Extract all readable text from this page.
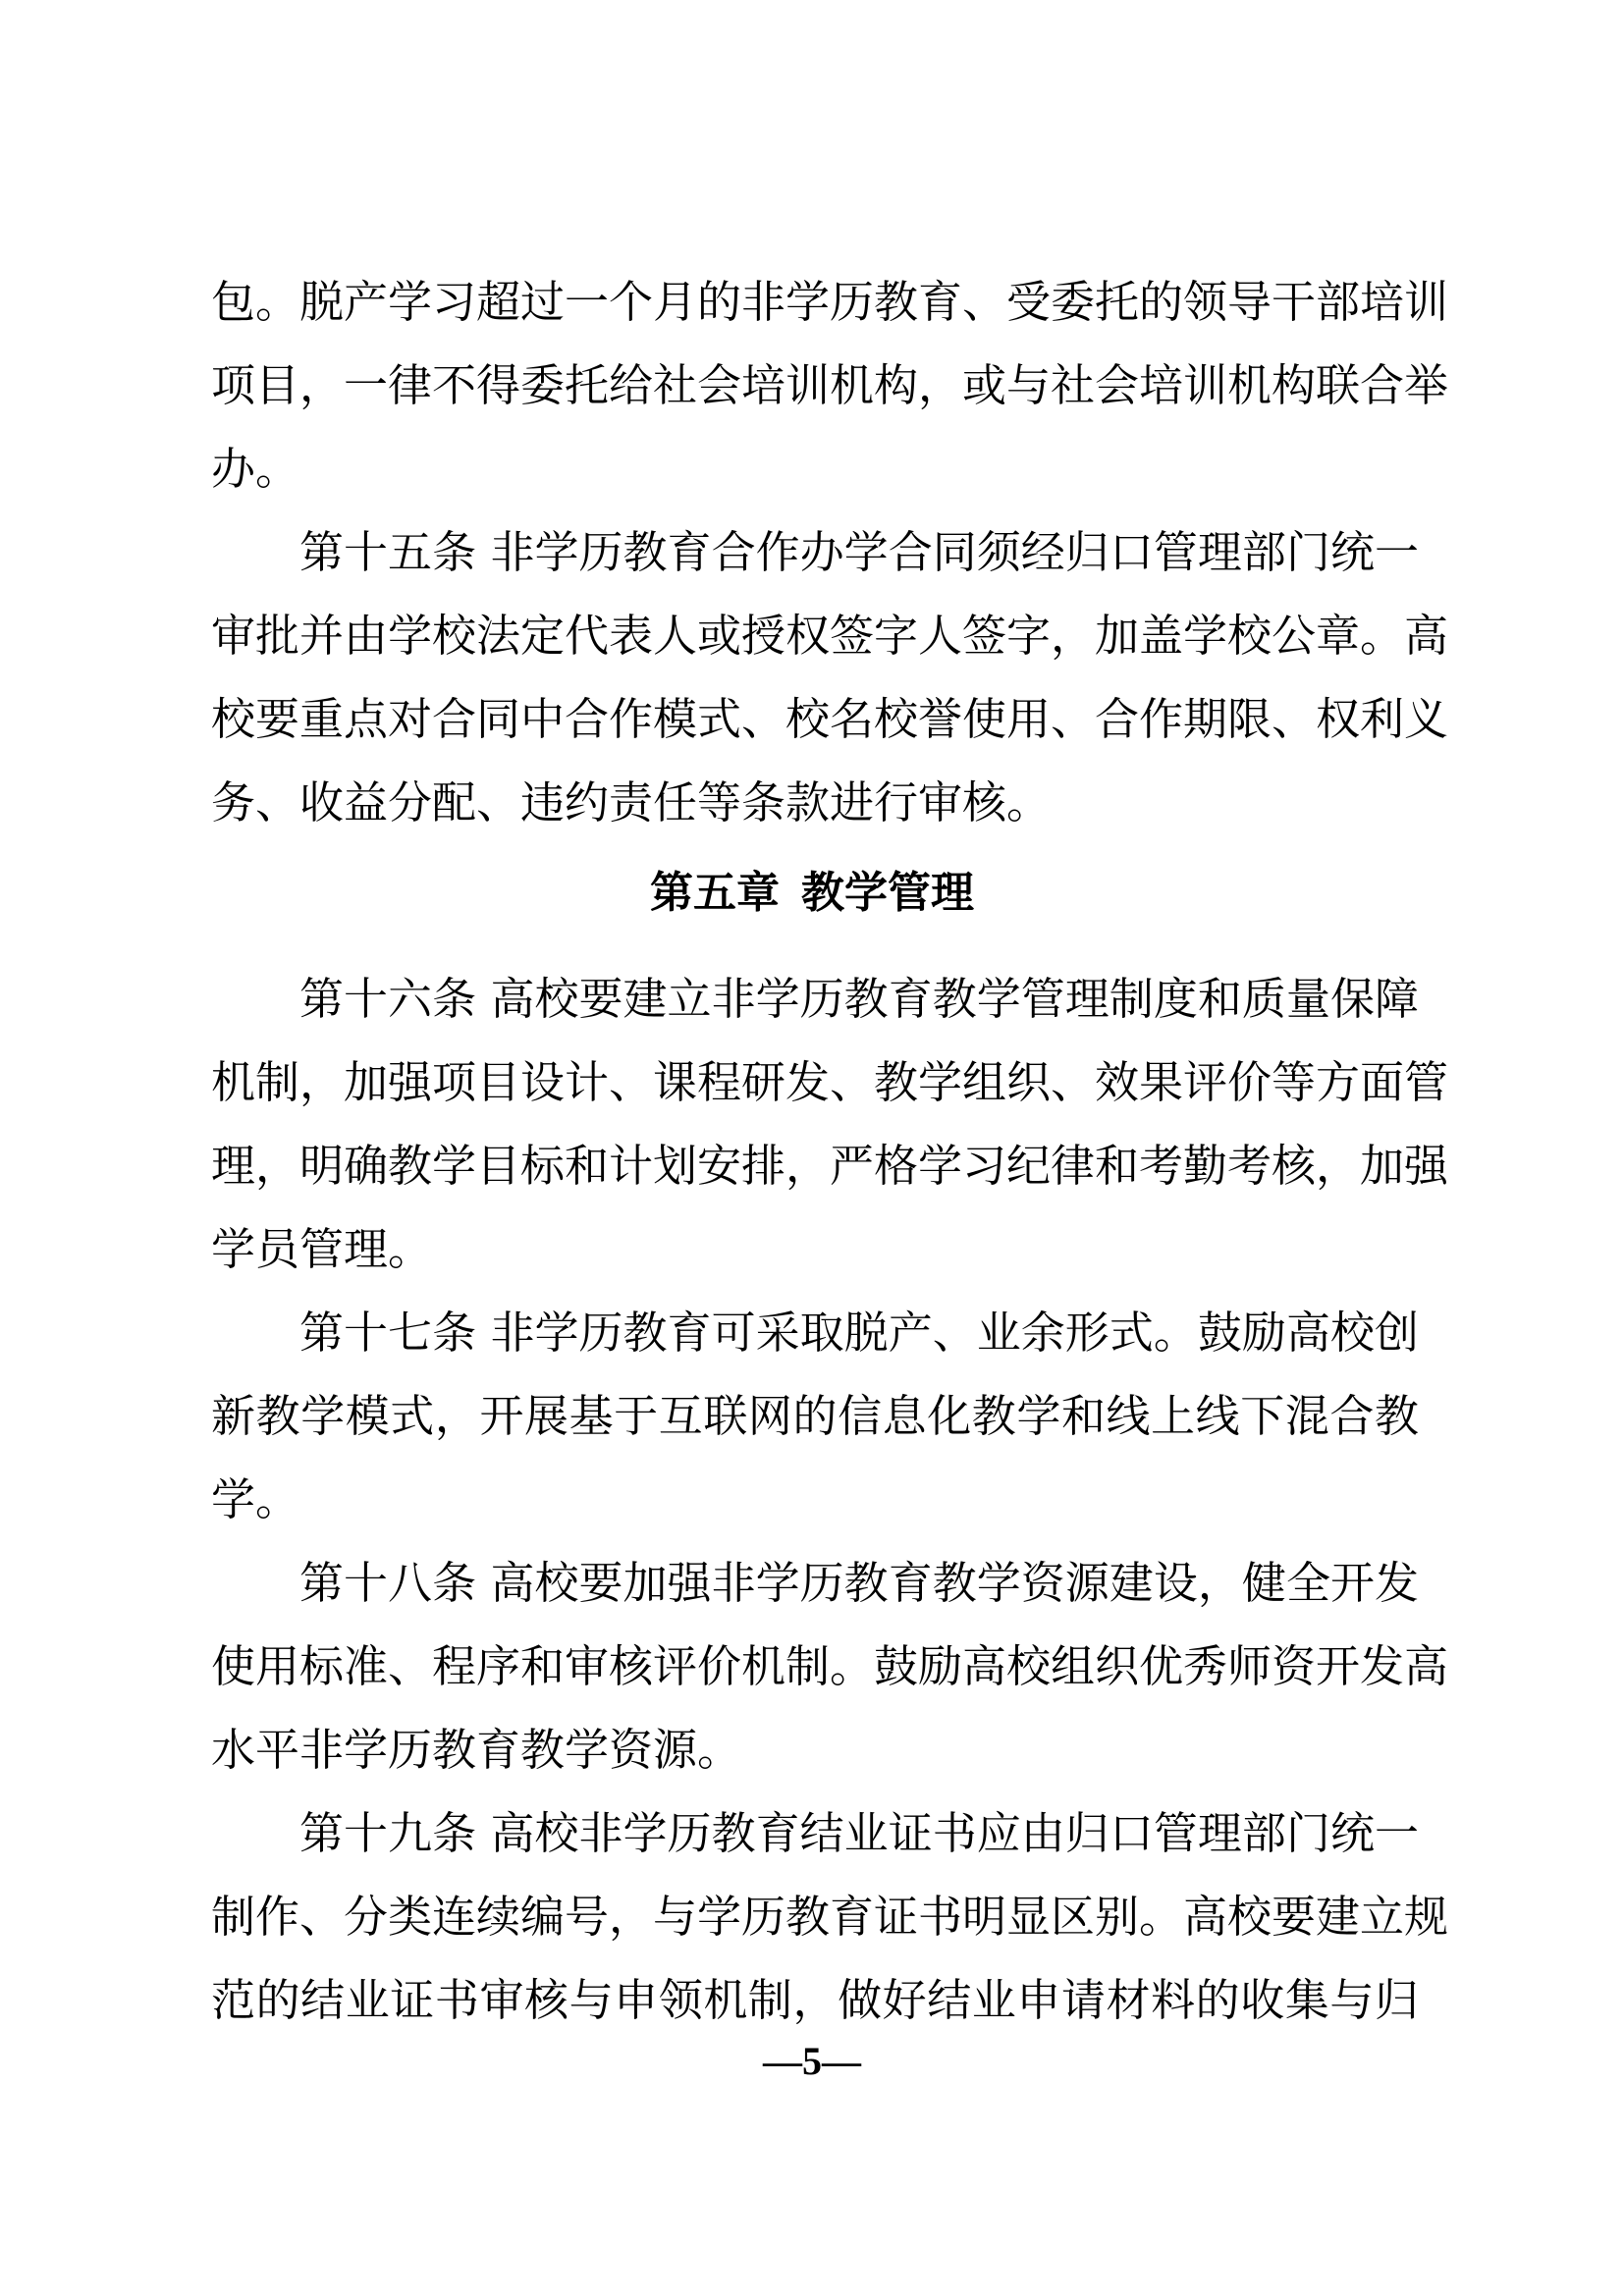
包。脱产学习超过一个月的非学历教育、受委托的领导干部培训
项目，一律不得委托给社会培训机构，或与社会培训机构联合举
办。
第十五条 非学历教育合作办学合同须经归口管理部门统一
审批并由学校法定代表人或授权签字人签字，加盖学校公章。高
校要重点对合同中合作模式、校名校誉使用、合作期限、权利义
务、收益分配、违约责任等条款进行审核。
第五章 教学管理
第十六条 高校要建立非学历教育教学管理制度和质量保障
机制，加强项目设计、课程研发、教学组织、效果评价等方面管
理，明确教学目标和计划安排，严格学习纪律和考勤考核，加强
学员管理。
第十七条 非学历教育可采取脱产、业余形式。鼓励高校创
新教学模式，开展基于互联网的信息化教学和线上线下混合教
学。
第十八条 高校要加强非学历教育教学资源建设，健全开发
使用标准、程序和审核评价机制。鼓励高校组织优秀师资开发高
水平非学历教育教学资源。
第十九条 高校非学历教育结业证书应由归口管理部门统一
制作、分类连续编号，与学历教育证书明显区别。高校要建立规
范的结业证书审核与申领机制，做好结业申请材料的收集与归
—5—
